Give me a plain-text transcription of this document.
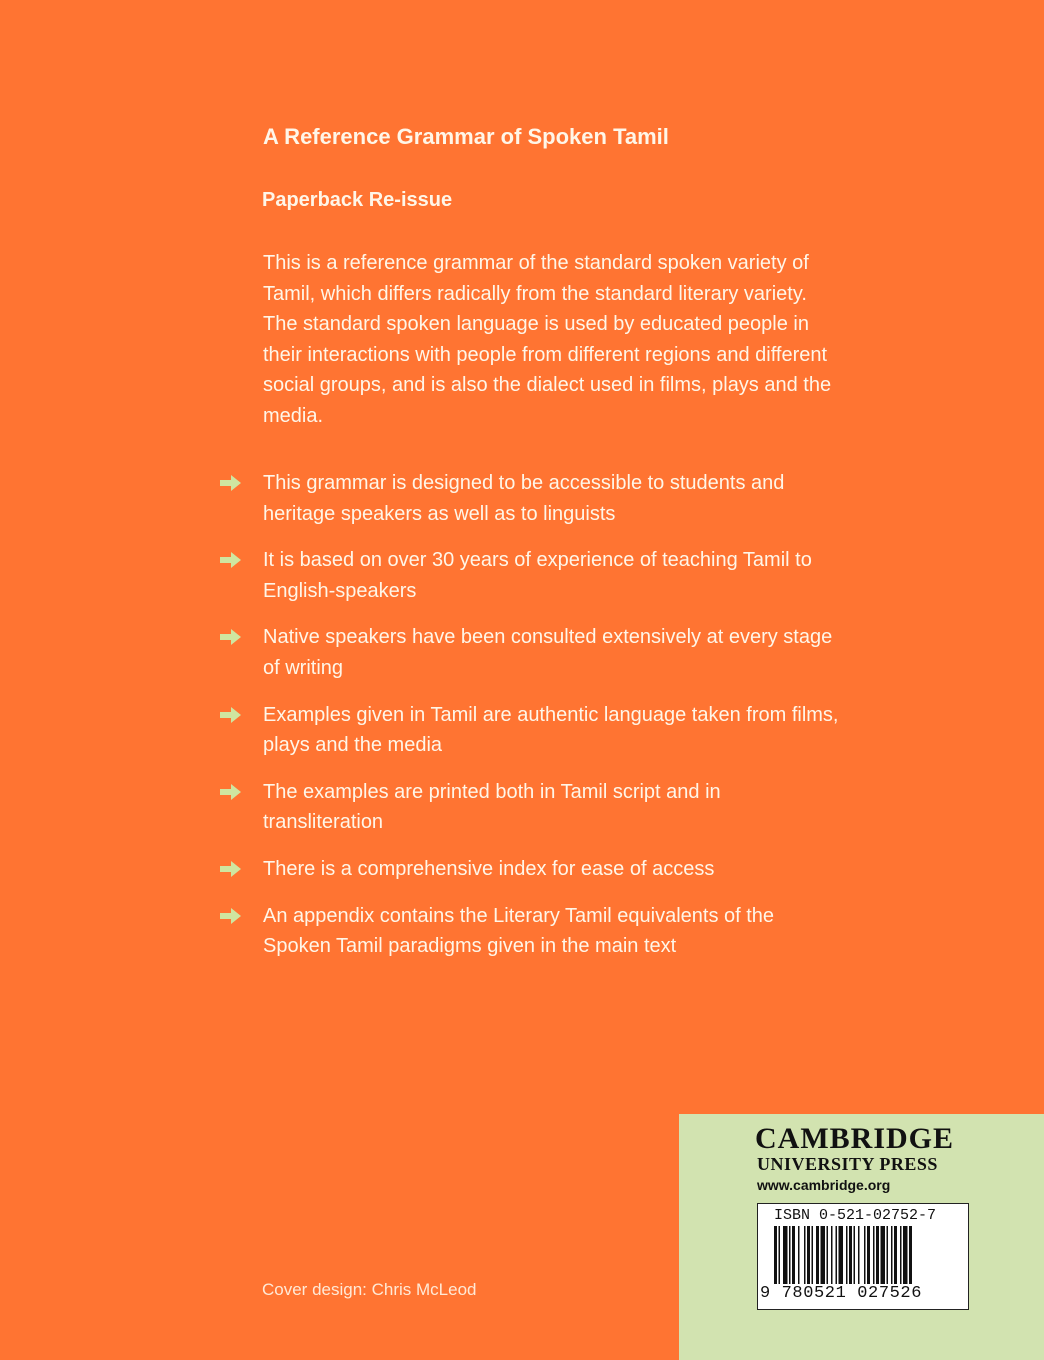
A Reference Grammar of Spoken Tamil
Paperback Re-issue
This is a reference grammar of the standard spoken variety of Tamil, which differs radically from the standard literary variety. The standard spoken language is used by educated people in their interactions with people from different regions and different social groups, and is also the dialect used in films, plays and the media.
This grammar is designed to be accessible to students and heritage speakers as well as to linguists
It is based on over 30 years of experience of teaching Tamil to English-speakers
Native speakers have been consulted extensively at every stage of writing
Examples given in Tamil are authentic language taken from films, plays and the media
The examples are printed both in Tamil script and in transliteration
There is a comprehensive index for ease of access
An appendix contains the Literary Tamil equivalents of the Spoken Tamil paradigms given in the main text
Cover design: Chris McLeod
CAMBRIDGE
UNIVERSITY PRESS
www.cambridge.org
ISBN 0-521-02752-7
9 780521 027526
